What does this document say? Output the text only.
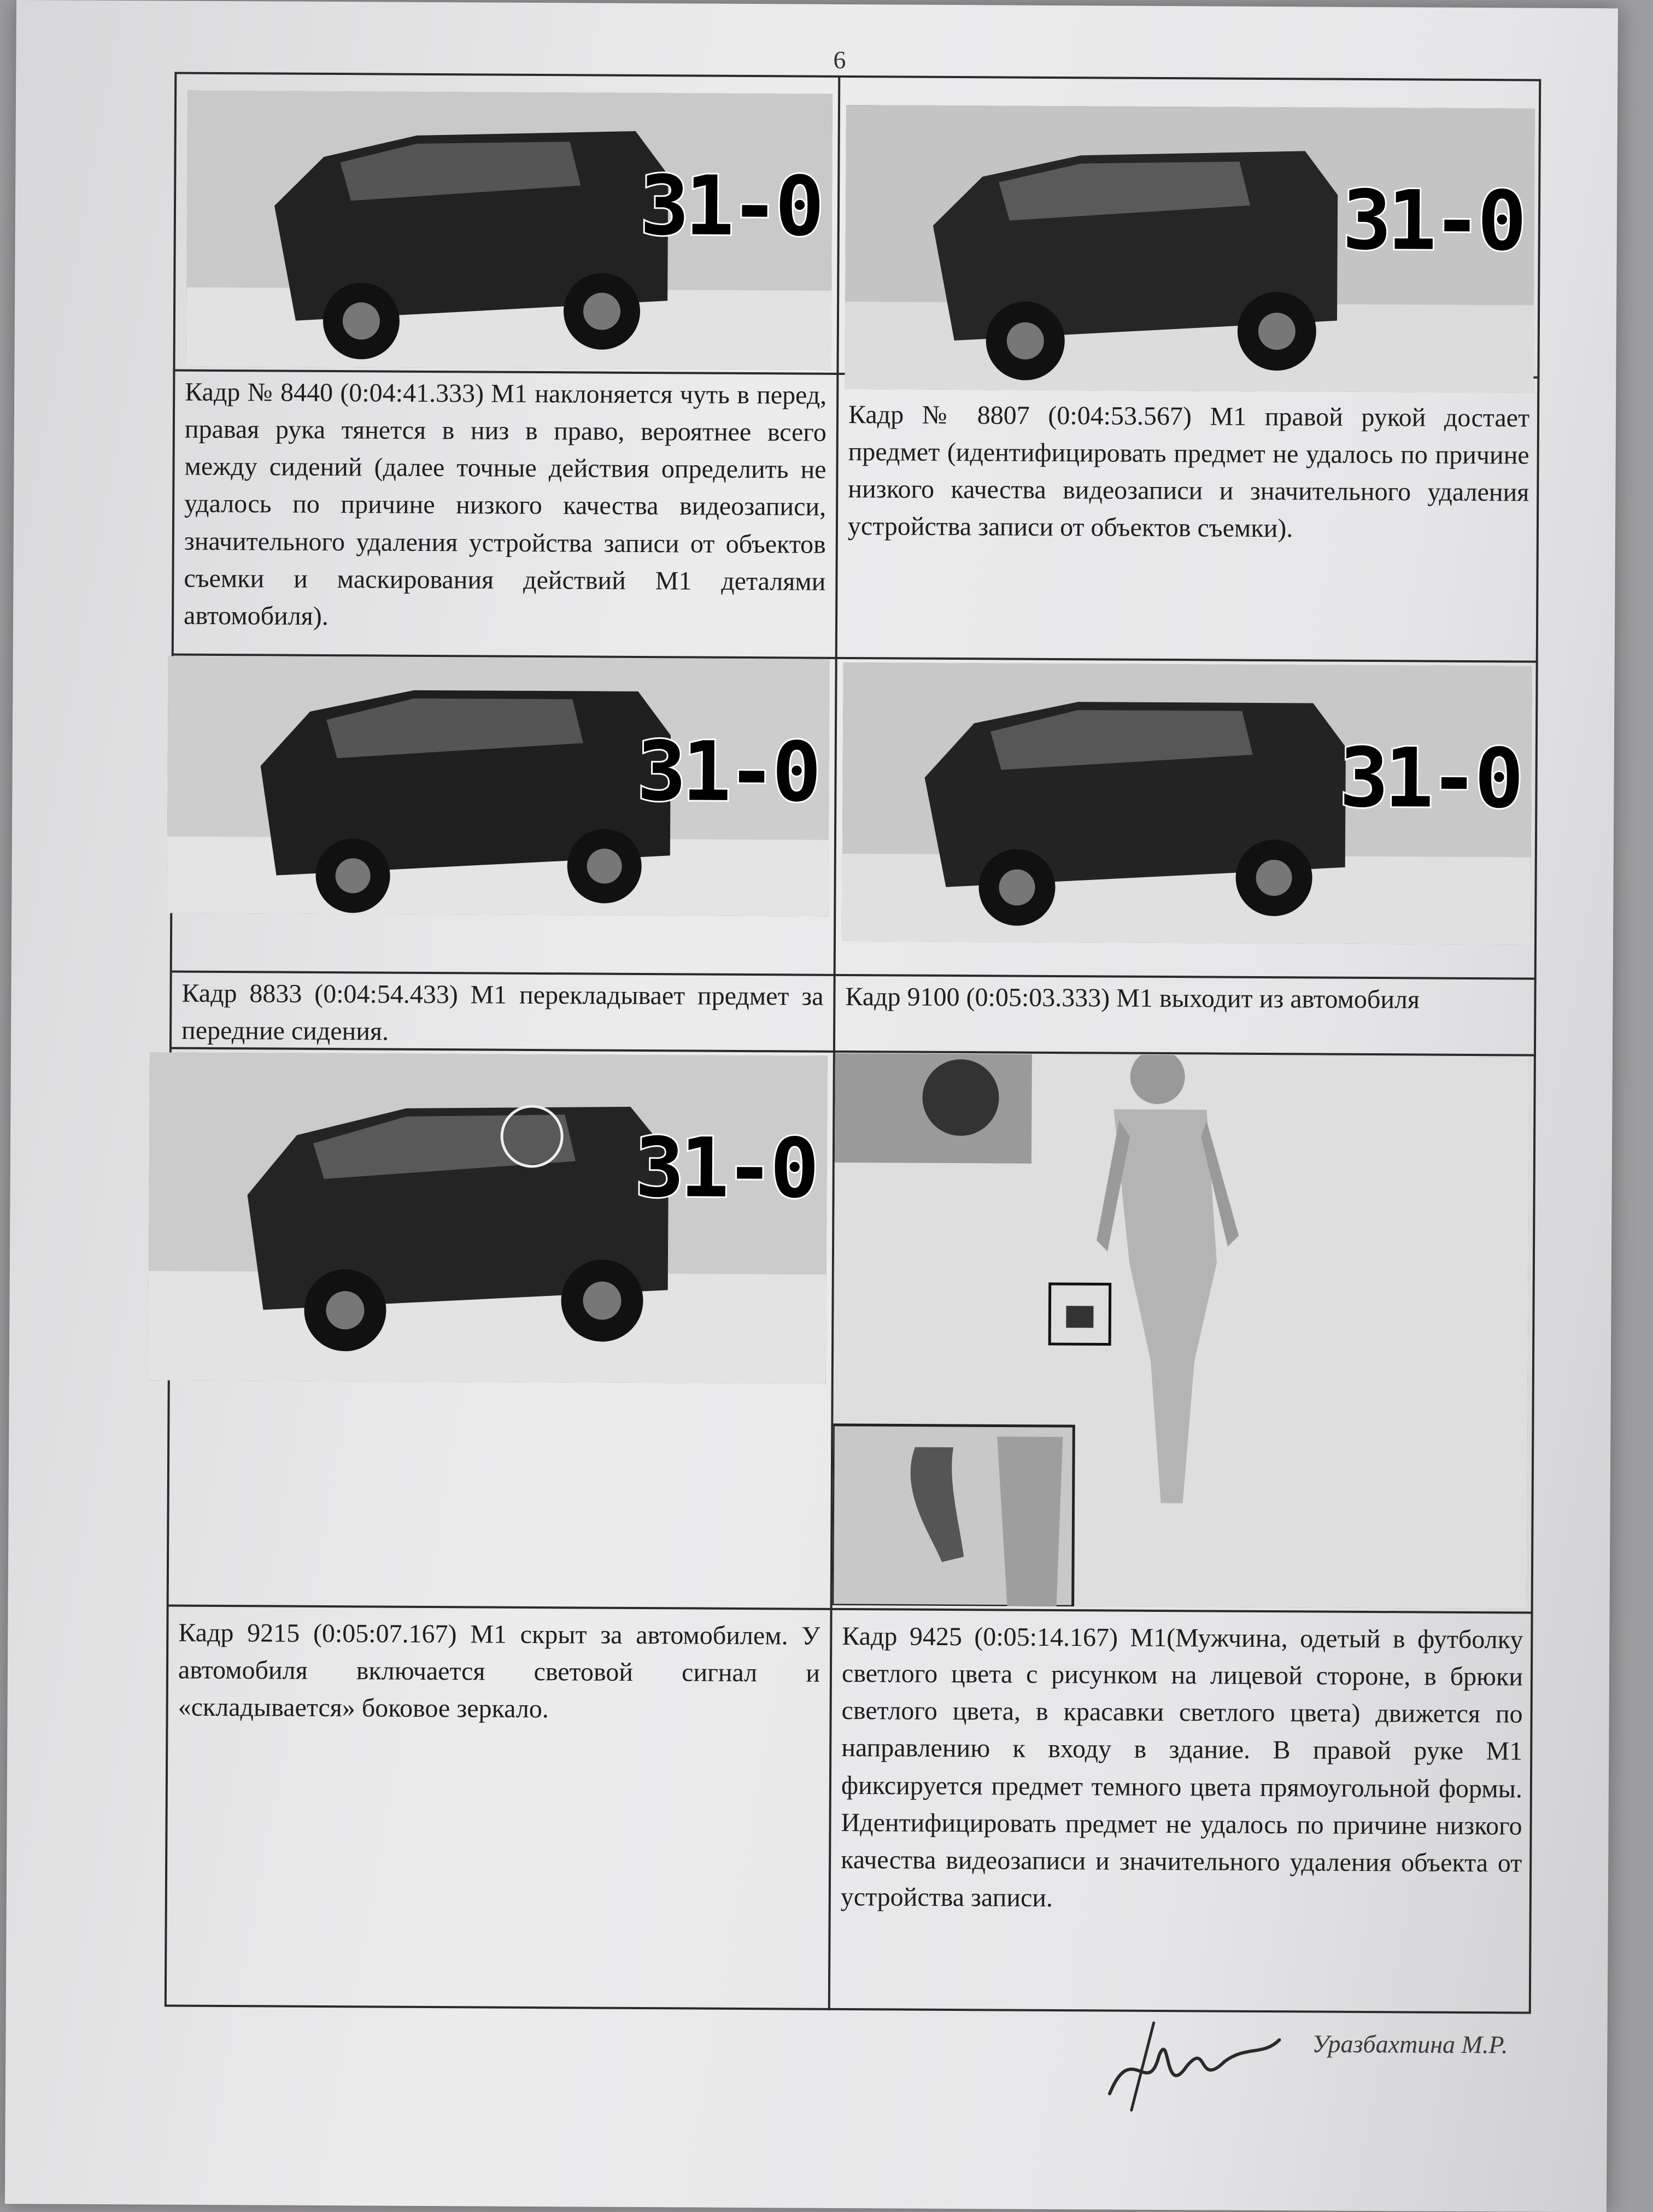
6
31-0
Кадр № 8440 (0:04:41.333) М1 наклоняется чуть в перед, правая рука тянется в низ в право, вероятнее всего между сидений (далее точные действия определить не удалось по причине низкого качества видеозаписи, значительного удаления устройства записи от объектов съемки и маскирования действий М1 деталями автомобиля).
31-0
Кадр № 8807 (0:04:53.567) М1 правой рукой достает предмет (идентифицировать предмет не удалось по причине низкого качества видеозаписи и значительного удаления устройства записи от объектов съемки).
31-0
Кадр 8833 (0:04:54.433) М1 перекладывает предмет за передние сидения.
31-0
Кадр 9100 (0:05:03.333) М1 выходит из автомобиля
31-0
Кадр 9215 (0:05:07.167) М1 скрыт за автомобилем. У автомобиля включается световой сигнал и «складывается» боковое зеркало.
Кадр 9425 (0:05:14.167) М1(Мужчина, одетый в футболку светлого цвета с рисунком на лицевой стороне, в брюки светлого цвета, в красавки светлого цвета) движется по направлению к входу в здание. В правой руке М1 фиксируется предмет темного цвета прямоугольной формы. Идентифицировать предмет не удалось по причине низкого качества видеозаписи и значительного удаления объекта от устройства записи.
Уразбахтина М.Р.
